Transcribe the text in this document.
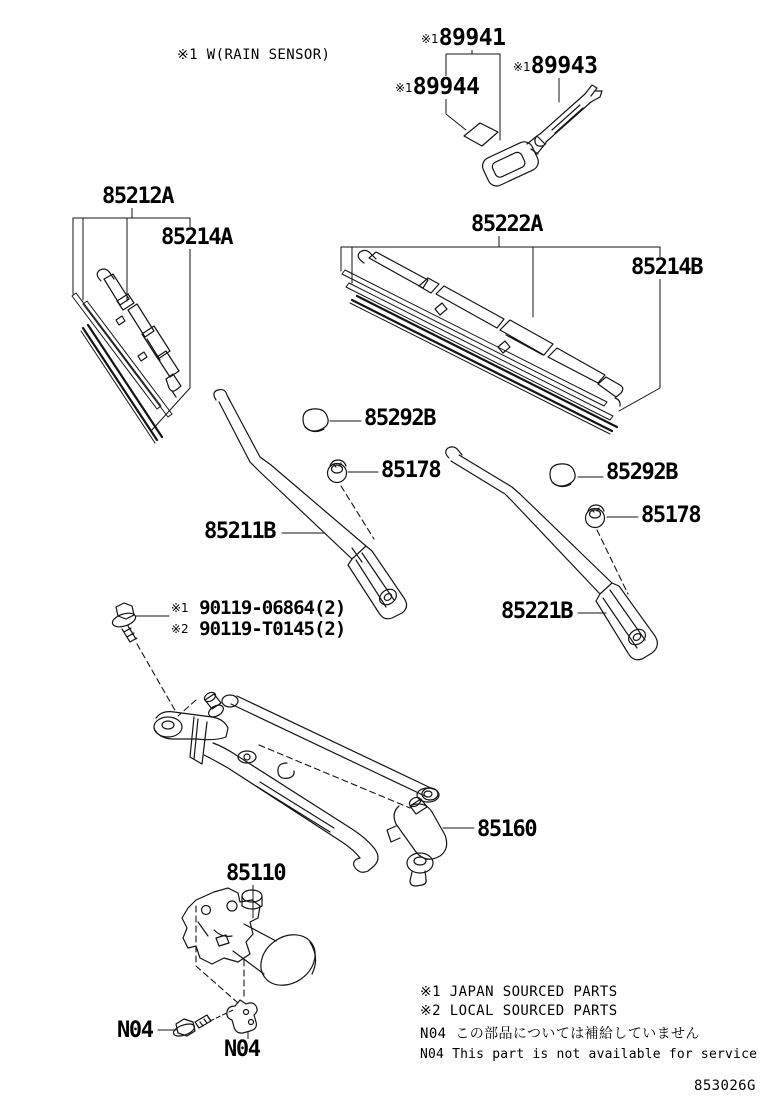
※1 W(RAIN SENSOR)
※189941
※189943
※189944
85212A
85214A
85222A
85214B
85292B
85178	85292B
85178
85211B
85221B
※1 90119-06864(2)
※2 90119-T0145(2)
85160
85110
N04
N04
※1 JAPAN SOURCED PARTS
※2 LOCAL SOURCED PARTS
N04 この部品については補給していません
N04 This part is not available for service
853026G
